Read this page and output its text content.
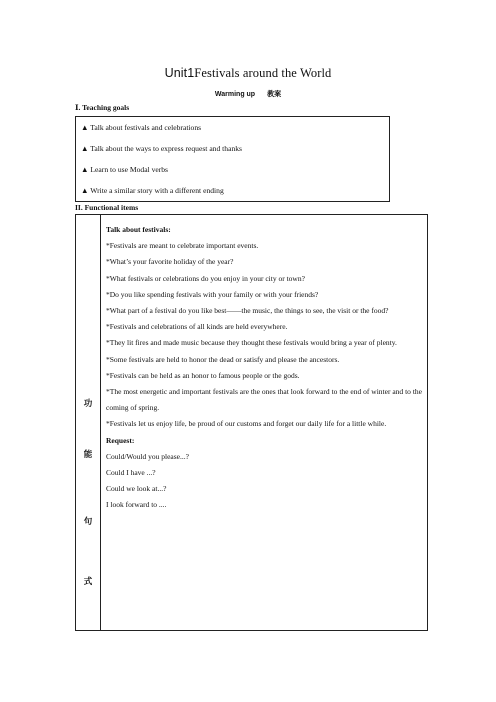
Unit1Festivals around the World
Warming up 教案
Ⅰ. Teaching goals
▲ Talk about festivals and celebrations
▲ Talk about the ways to express request and thanks
▲ Learn to use Modal verbs
▲ Write a similar story with a different ending
II. Functional items
功
能
句
式
Talk about festivals:
*Festivals are meant to celebrate important events.
*What’s your favorite holiday of the year?
*What festivals or celebrations do you enjoy in your city or town?
*Do you like spending festivals with your family or with your friends?
*What part of a festival do you like best——the music, the things to see, the visit or the food?
*Festivals and celebrations of all kinds are held everywhere.
*They lit fires and made music because they thought these festivals would bring a year of plenty.
*Some festivals are held to honor the dead or satisfy and please the ancestors.
*Festivals can be held as an honor to famous people or the gods.
*The most energetic and important festivals are the ones that look forward to the end of winter and to the coming of spring.
*Festivals let us enjoy life, be proud of our customs and forget our daily life for a little while.
Request:
Could/Would you please...?
Could I have ...?
Could we look at...?
I look forward to ....
